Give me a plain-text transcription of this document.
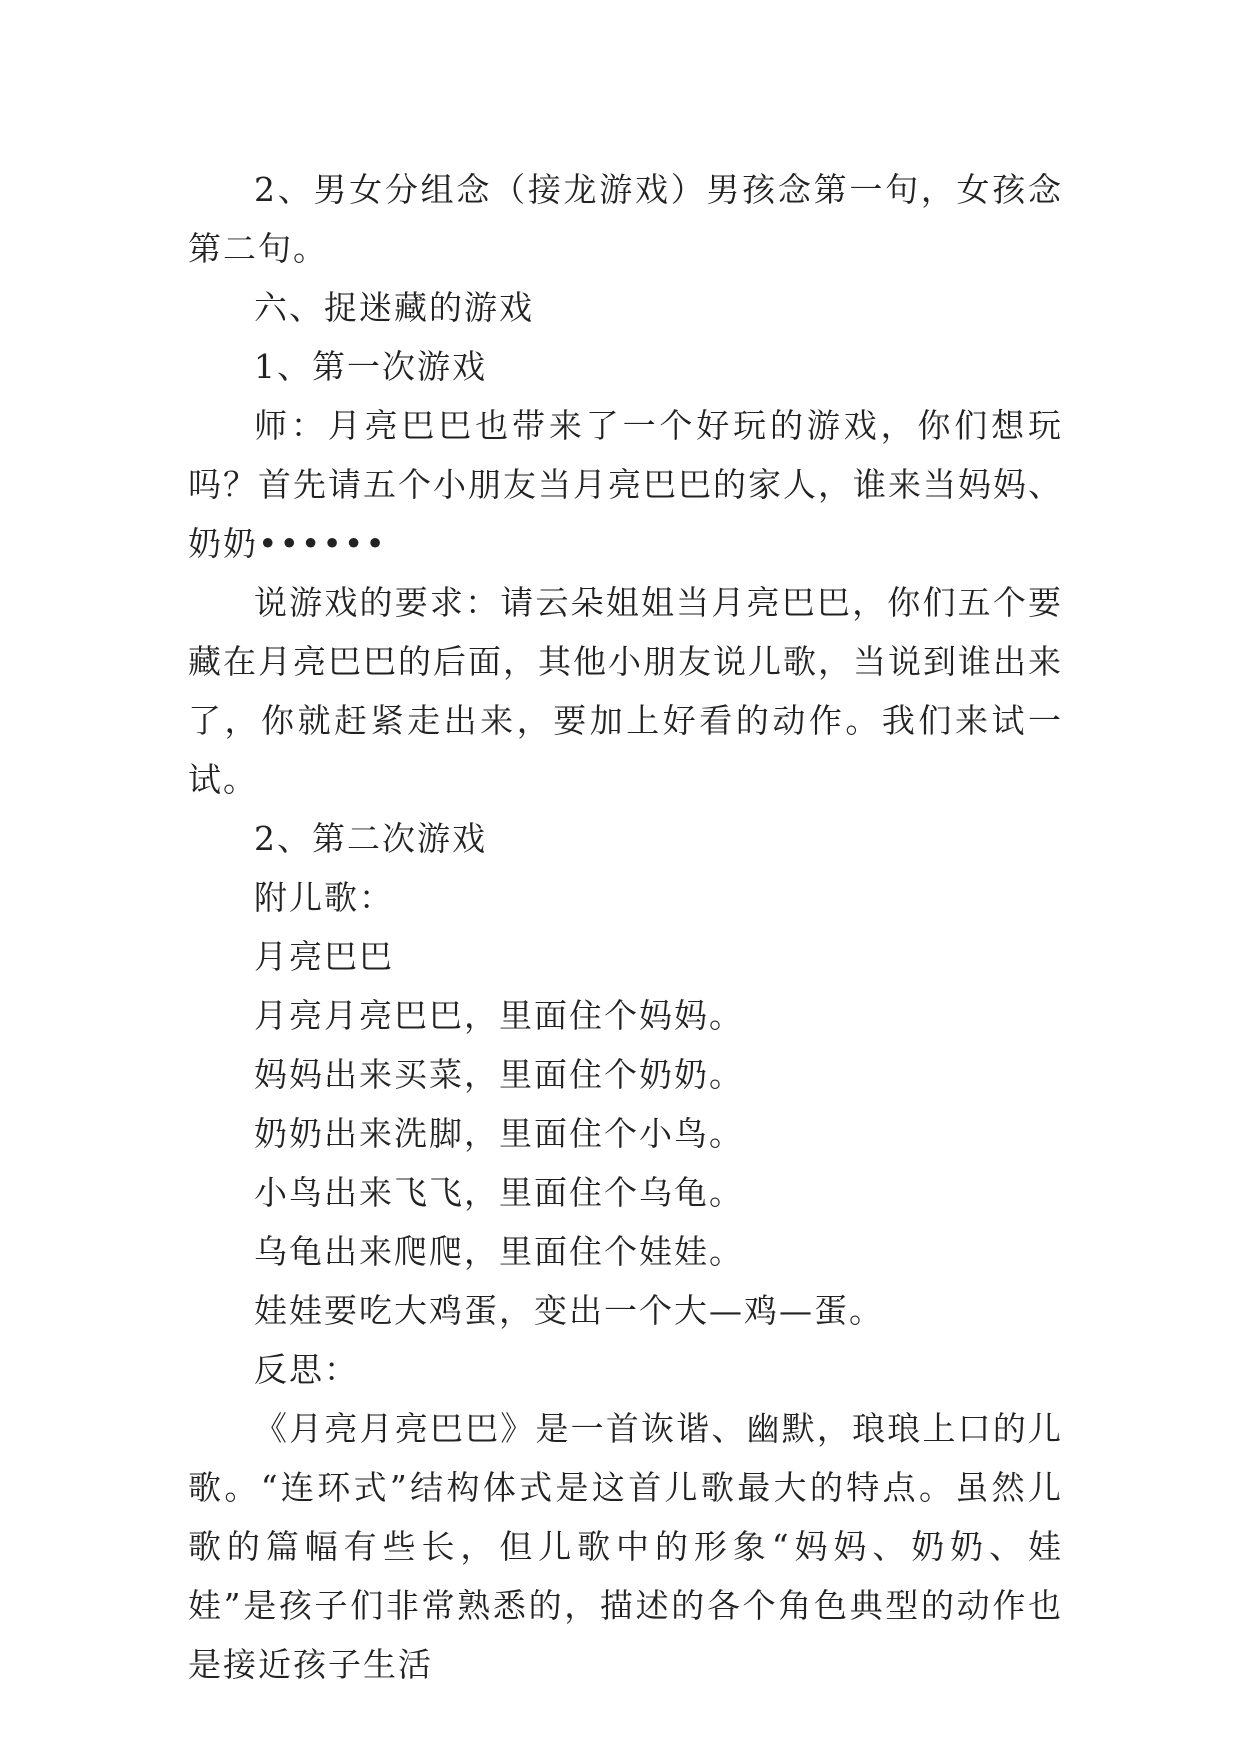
2、男女分组念（接龙游戏）男孩念第一句，女孩念第二句。

六、捉迷藏的游戏

1、第一次游戏

师：月亮巴巴也带来了一个好玩的游戏，你们想玩吗？首先请五个小朋友当月亮巴巴的家人，谁来当妈妈、奶奶••••••

说游戏的要求：请云朵姐姐当月亮巴巴，你们五个要藏在月亮巴巴的后面，其他小朋友说儿歌，当说到谁出来了，你就赶紧走出来，要加上好看的动作。我们来试一试。

2、第二次游戏

附儿歌：

月亮巴巴

月亮月亮巴巴，里面住个妈妈。

妈妈出来买菜，里面住个奶奶。

奶奶出来洗脚，里面住个小鸟。

小鸟出来飞飞，里面住个乌龟。

乌龟出来爬爬，里面住个娃娃。

娃娃要吃大鸡蛋，变出一个大—鸡—蛋。

反思：

《月亮月亮巴巴》是一首诙谐、幽默，琅琅上口的儿歌。“连环式”结构体式是这首儿歌最大的特点。虽然儿歌的篇幅有些长，但儿歌中的形象“妈妈、奶奶、娃娃”是孩子们非常熟悉的，描述的各个角色典型的动作也是接近孩子生活
